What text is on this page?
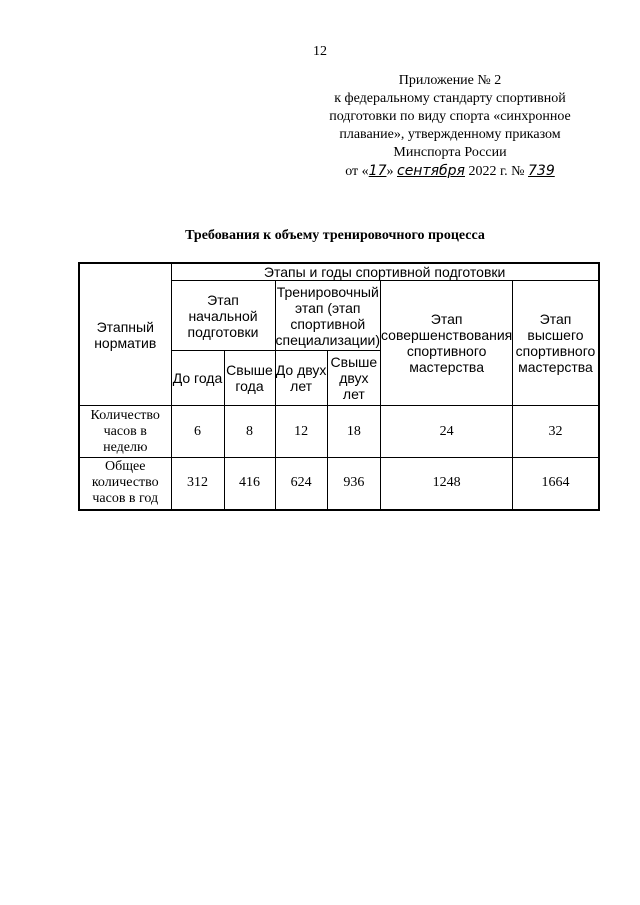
12
Приложение № 2
к федеральному стандарту спортивной
подготовки по виду спорта «синхронное
плавание», утвержденному приказом
Минспорта России
от «17» сентября 2022 г. № 739
Требования к объему тренировочного процесса
Этапный норматив	Этапы и годы спортивной подготовки					
	Этап начальной подготовки		Тренировочный этап (этап спортивной специализации)		Этап совершенствования спортивного мастерства	Этап высшего спортивного мастерства
	До года	Свыше года	До двух лет	Свыше двух лет		
Количество часов в неделю	6	8	12	18	24	32
Общее количество часов в год	312	416	624	936	1248	1664
